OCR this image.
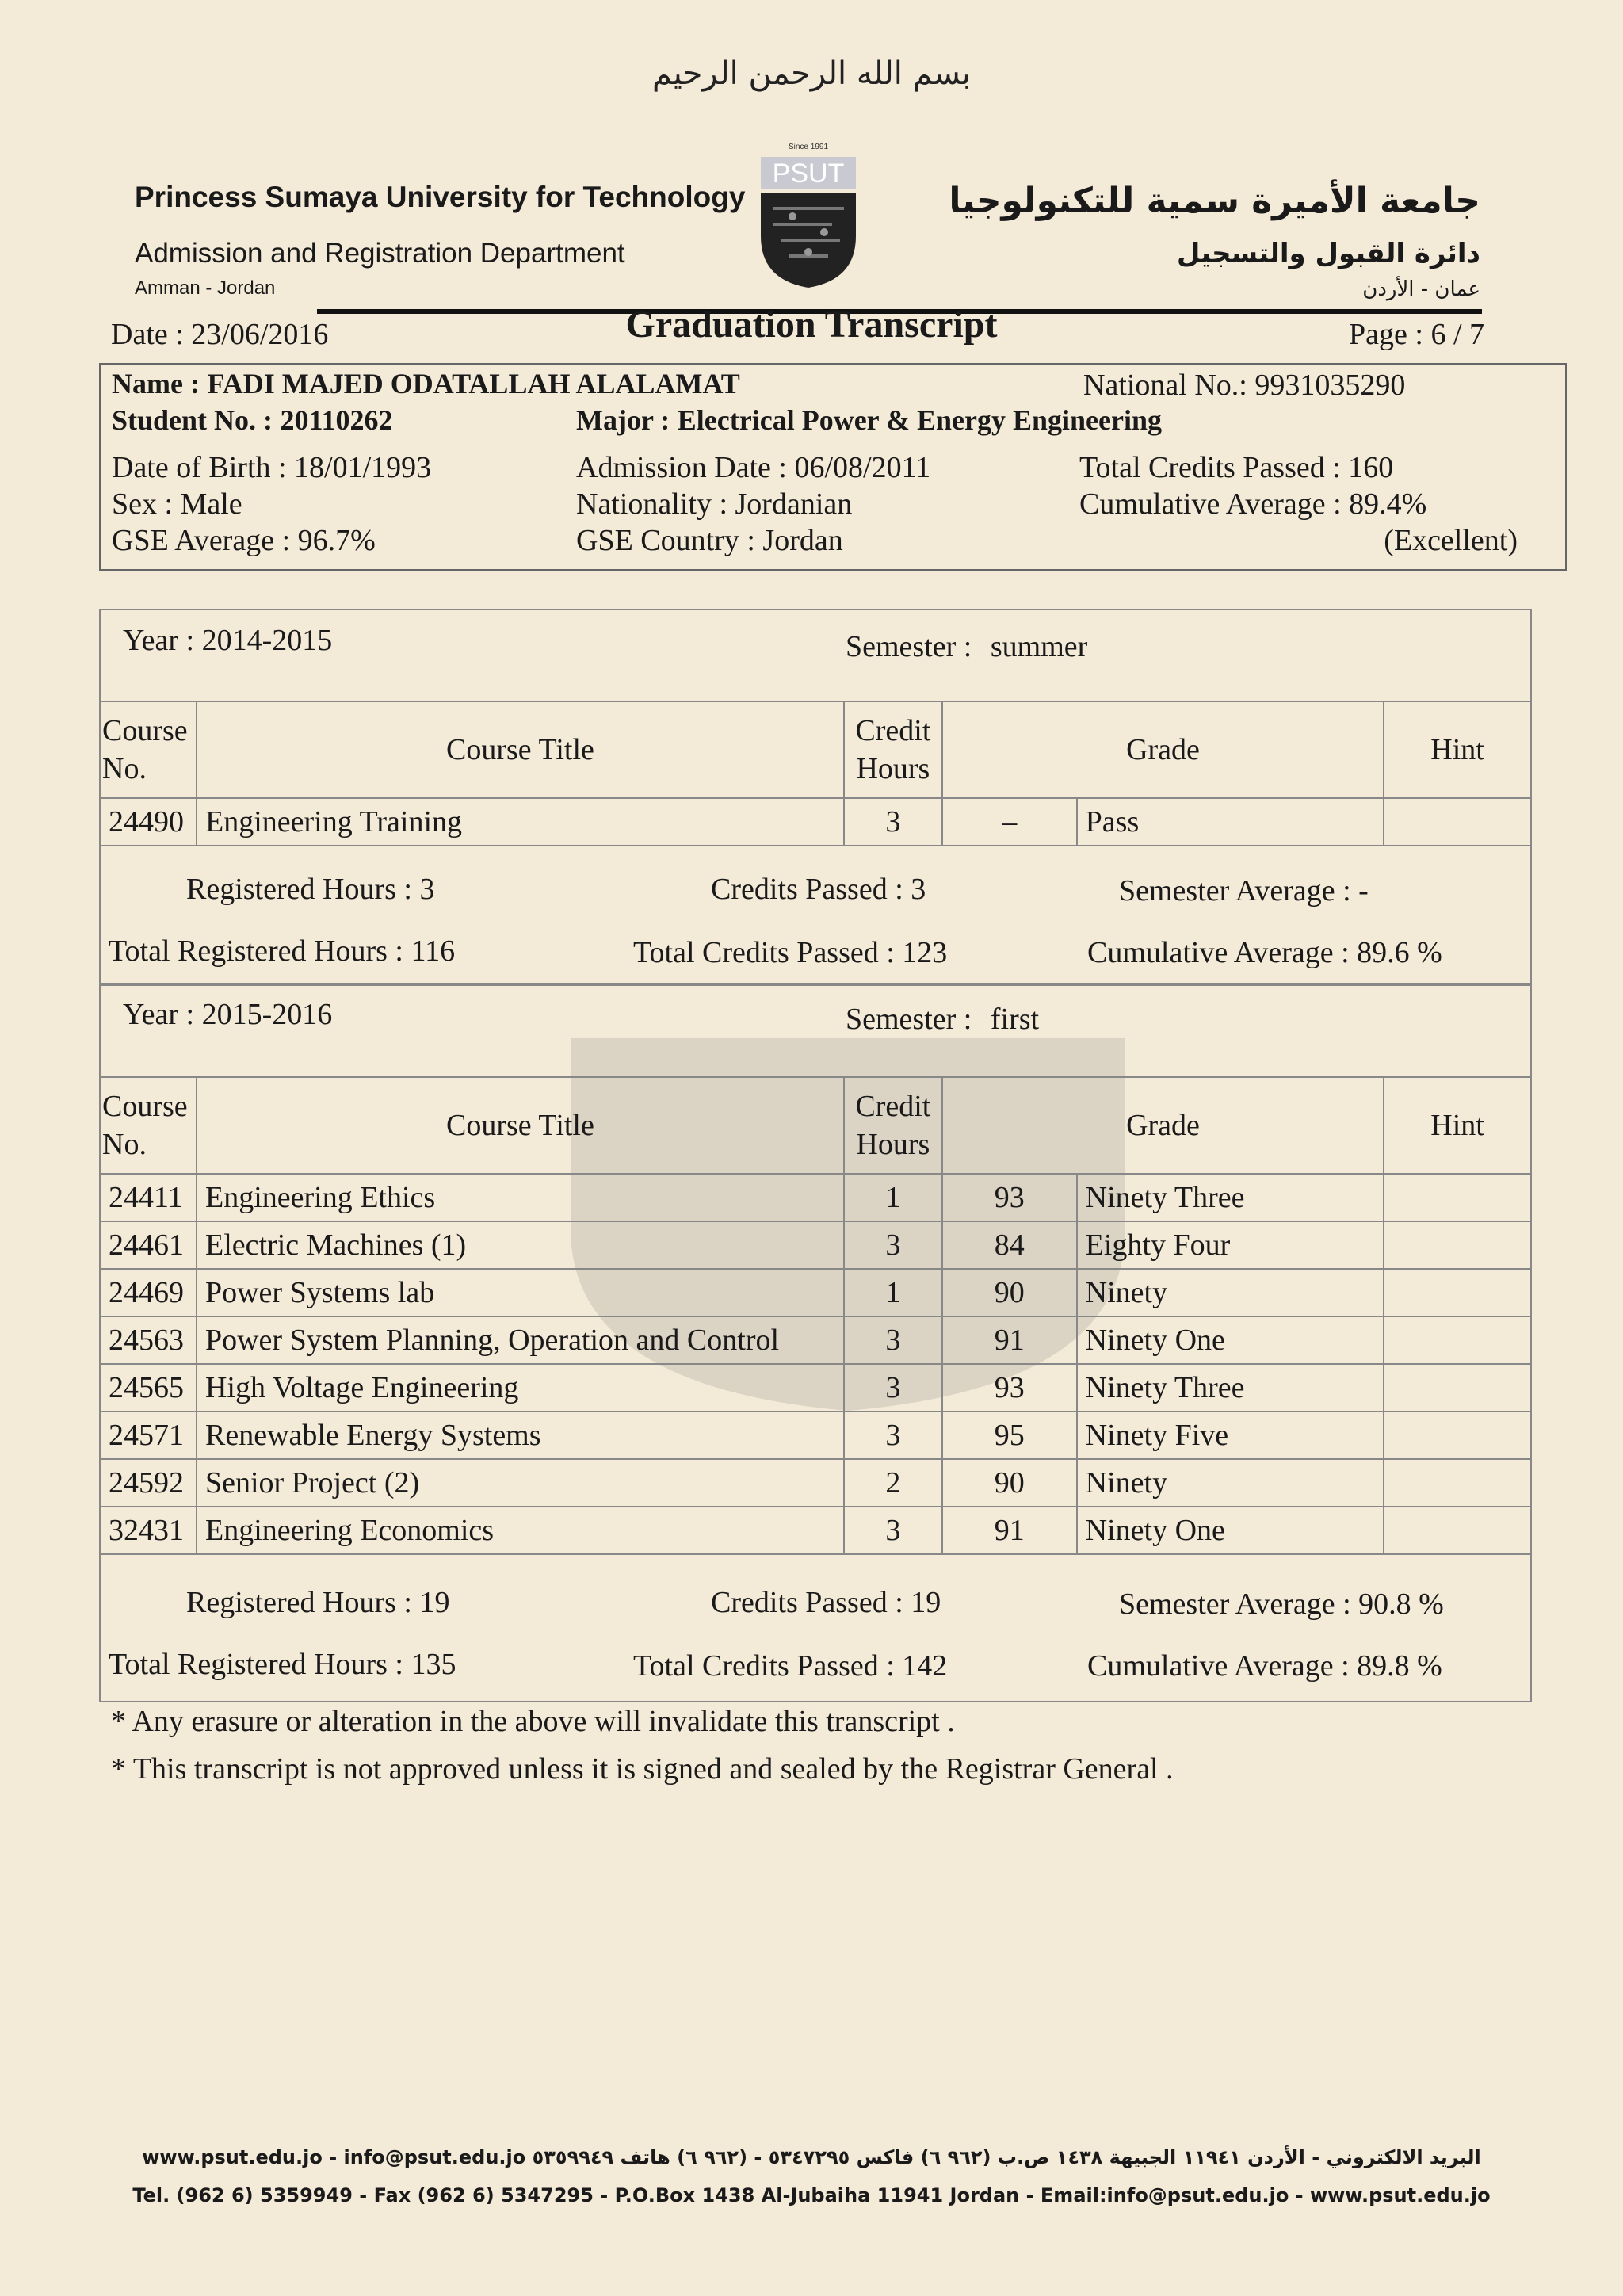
بسم الله الرحمن الرحيم
Princess Sumaya University for Technology
Admission and Registration Department
Amman - Jordan
جامعة الأميرة سمية للتكنولوجيا
دائرة القبول والتسجيل
عمان - الأردن
PSUT
Since 1991
Date : 23/06/2016	Graduation Transcript	Page : 6 / 7
Name : FADI MAJED ODATALLAH ALALAMAT	National No.: 9931035290
Student No. : 20110262	Major : Electrical Power & Energy Engineering
Date of Birth : 18/01/1993
Sex : Male
GSE Average : 96.7%
Admission Date : 06/08/2011
Nationality : Jordanian
GSE Country : Jordan
Total Credits Passed : 160
Cumulative Average : 89.4%
(Excellent)
Year : 2014-2015	Semester : summer
Course No.	Course Title	Credit Hours	Grade		Hint
24490	Engineering Training	3	–	Pass	
Registered Hours : 3	Credits Passed : 3	Semester Average : -
Total Registered Hours : 116	Total Credits Passed : 123	Cumulative Average : 89.6 %
Year : 2015-2016	Semester : first
Course No.	Course Title	Credit Hours	Grade		Hint
24411	Engineering Ethics	1	93	Ninety Three	
24461	Electric Machines (1)	3	84	Eighty Four	
24469	Power Systems lab	1	90	Ninety	
24563	Power System Planning, Operation and Control	3	91	Ninety One	
24565	High Voltage Engineering	3	93	Ninety Three	
24571	Renewable Energy Systems	3	95	Ninety Five	
24592	Senior Project (2)	2	90	Ninety	
32431	Engineering Economics	3	91	Ninety One	
Registered Hours : 19	Credits Passed : 19	Semester Average : 90.8 %
Total Registered Hours : 135	Total Credits Passed : 142	Cumulative Average : 89.8 %
* Any erasure or alteration in the above will invalidate this transcript .
* This transcript is not approved unless it is signed and sealed by the Registrar General .
www.psut.edu.jo - info@psut.edu.jo البريد الالكتروني - الأردن ١١٩٤١ الجبيهة ١٤٣٨ ص.ب (٩٦٢ ٦) فاكس ٥٣٤٧٢٩٥ - (٩٦٢ ٦) هاتف ٥٣٥٩٩٤٩
Tel. (962 6) 5359949 - Fax (962 6) 5347295 - P.O.Box 1438 Al-Jubaiha 11941 Jordan - Email:info@psut.edu.jo - www.psut.edu.jo
